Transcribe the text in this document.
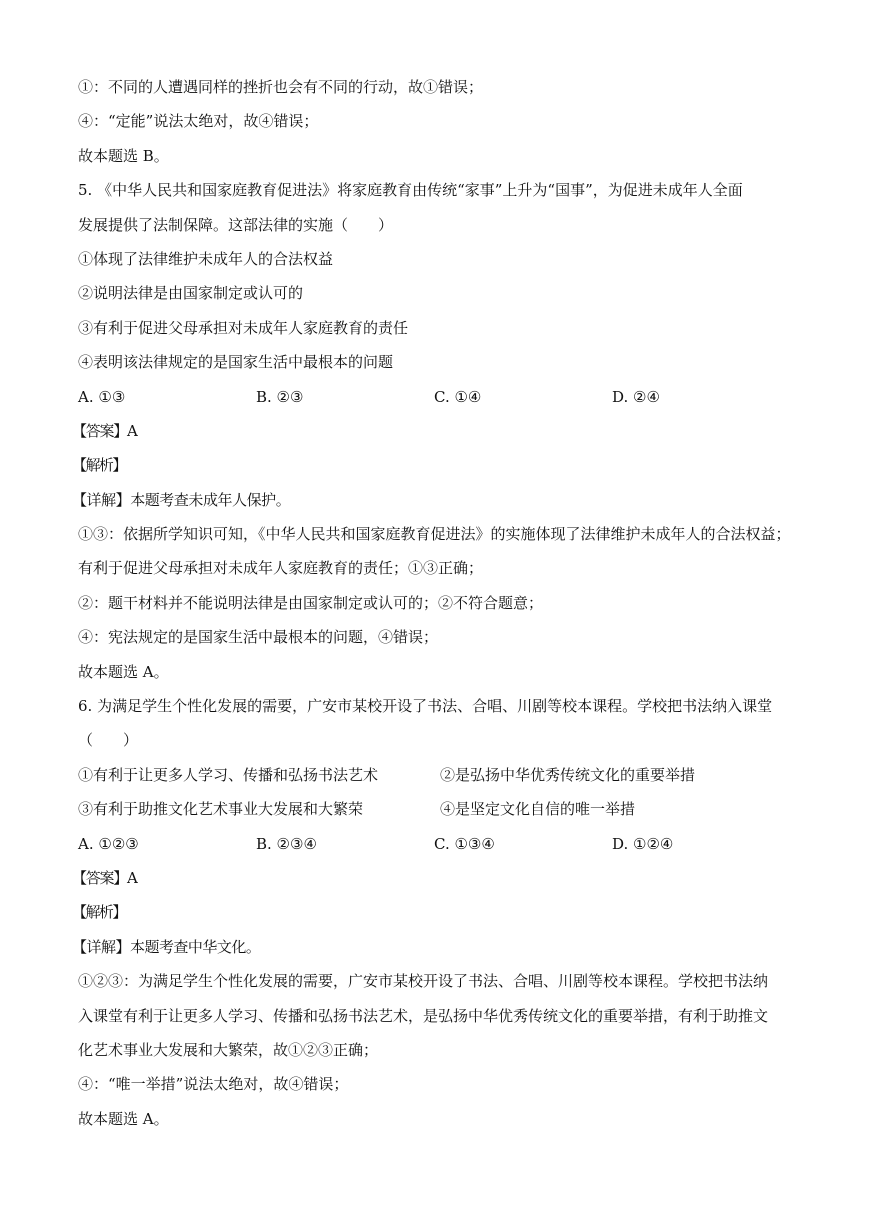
①：不同的人遭遇同样的挫折也会有不同的行动，故①错误；
④：“定能”说法太绝对，故④错误；
故本题选 B。
5. 《中华人民共和国家庭教育促进法》将家庭教育由传统“家事”上升为“国事”，为促进未成年人全面
发展提供了法制保障。这部法律的实施（　　）
①体现了法律维护未成年人的合法权益
②说明法律是由国家制定或认可的
③有利于促进父母承担对未成年人家庭教育的责任
④表明该法律规定的是国家生活中最根本的问题
A. ①③	B. ②③	C. ①④	D. ②④
【答案】A
【解析】
【详解】本题考查未成年人保护。
①③：依据所学知识可知，《中华人民共和国家庭教育促进法》的实施体现了法律维护未成年人的合法权益；
有利于促进父母承担对未成年人家庭教育的责任；①③正确；
②：题干材料并不能说明法律是由国家制定或认可的；②不符合题意；
④：宪法规定的是国家生活中最根本的问题，④错误；
故本题选 A。
6. 为满足学生个性化发展的需要，广安市某校开设了书法、合唱、川剧等校本课程。学校把书法纳入课堂
（　　）
①有利于让更多人学习、传播和弘扬书法艺术	②是弘扬中华优秀传统文化的重要举措
③有利于助推文化艺术事业大发展和大繁荣	④是坚定文化自信的唯一举措
A. ①②③	B. ②③④	C. ①③④	D. ①②④
【答案】A
【解析】
【详解】本题考查中华文化。
①②③：为满足学生个性化发展的需要，广安市某校开设了书法、合唱、川剧等校本课程。学校把书法纳
入课堂有利于让更多人学习、传播和弘扬书法艺术，是弘扬中华优秀传统文化的重要举措，有利于助推文
化艺术事业大发展和大繁荣，故①②③正确；
④：“唯一举措”说法太绝对，故④错误；
故本题选 A。
